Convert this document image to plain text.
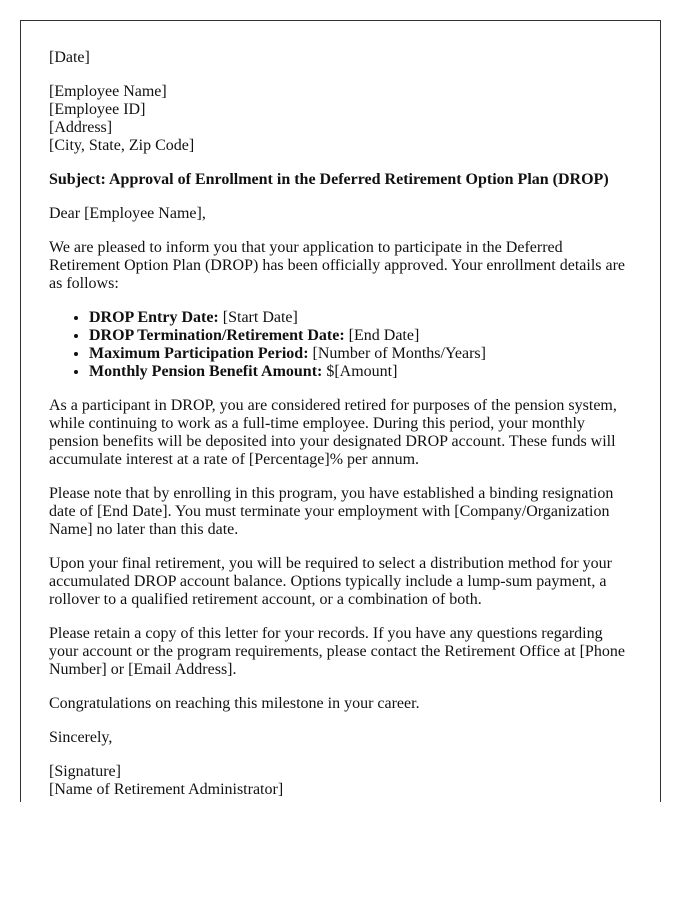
[Date]

[Employee Name]
[Employee ID]
[Address]
[City, State, Zip Code]

Subject: Approval of Enrollment in the Deferred Retirement Option Plan (DROP)

Dear [Employee Name],

We are pleased to inform you that your application to participate in the Deferred Retirement Option Plan (DROP) has been officially approved. Your enrollment details are as follows:

• DROP Entry Date: [Start Date]
• DROP Termination/Retirement Date: [End Date]
• Maximum Participation Period: [Number of Months/Years]
• Monthly Pension Benefit Amount: $[Amount]

As a participant in DROP, you are considered retired for purposes of the pension system, while continuing to work as a full-time employee. During this period, your monthly pension benefits will be deposited into your designated DROP account. These funds will accumulate interest at a rate of [Percentage]% per annum.

Please note that by enrolling in this program, you have established a binding resignation date of [End Date]. You must terminate your employment with [Company/Organization Name] no later than this date.

Upon your final retirement, you will be required to select a distribution method for your accumulated DROP account balance. Options typically include a lump-sum payment, a rollover to a qualified retirement account, or a combination of both.

Please retain a copy of this letter for your records. If you have any questions regarding your account or the program requirements, please contact the Retirement Office at [Phone Number] or [Email Address].

Congratulations on reaching this milestone in your career.

Sincerely,

[Signature]
[Name of Retirement Administrator]
